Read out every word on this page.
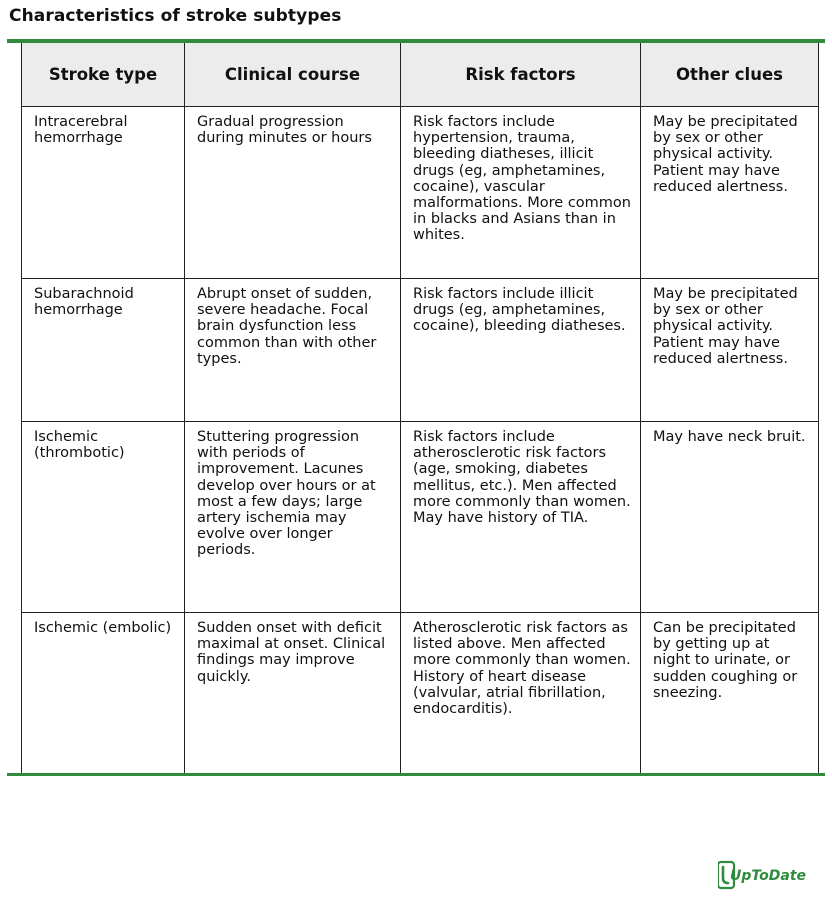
Characteristics of stroke subtypes
Stroke type	Clinical course	Risk factors	Other clues
Intracerebral hemorrhage	Gradual progression during minutes or hours	Risk factors include hypertension, trauma, bleeding diatheses, illicit drugs (eg, amphetamines, cocaine), vascular malformations. More common in blacks and Asians than in whites.	May be precipitated by sex or other physical activity. Patient may have reduced alertness.
Subarachnoid hemorrhage	Abrupt onset of sudden, severe headache. Focal brain dysfunction less common than with other types.	Risk factors include illicit drugs (eg, amphetamines, cocaine), bleeding diatheses.	May be precipitated by sex or other physical activity. Patient may have reduced alertness.
Ischemic (thrombotic)	Stuttering progression with periods of improvement. Lacunes develop over hours or at most a few days; large artery ischemia may evolve over longer periods.	Risk factors include atherosclerotic risk factors (age, smoking, diabetes mellitus, etc.). Men affected more commonly than women. May have history of TIA.	May have neck bruit.
Ischemic (embolic)	Sudden onset with deficit maximal at onset. Clinical findings may improve quickly.	Atherosclerotic risk factors as listed above. Men affected more commonly than women. History of heart disease (valvular, atrial fibrillation, endocarditis).	Can be precipitated by getting up at night to urinate, or sudden coughing or sneezing.
UpToDate
